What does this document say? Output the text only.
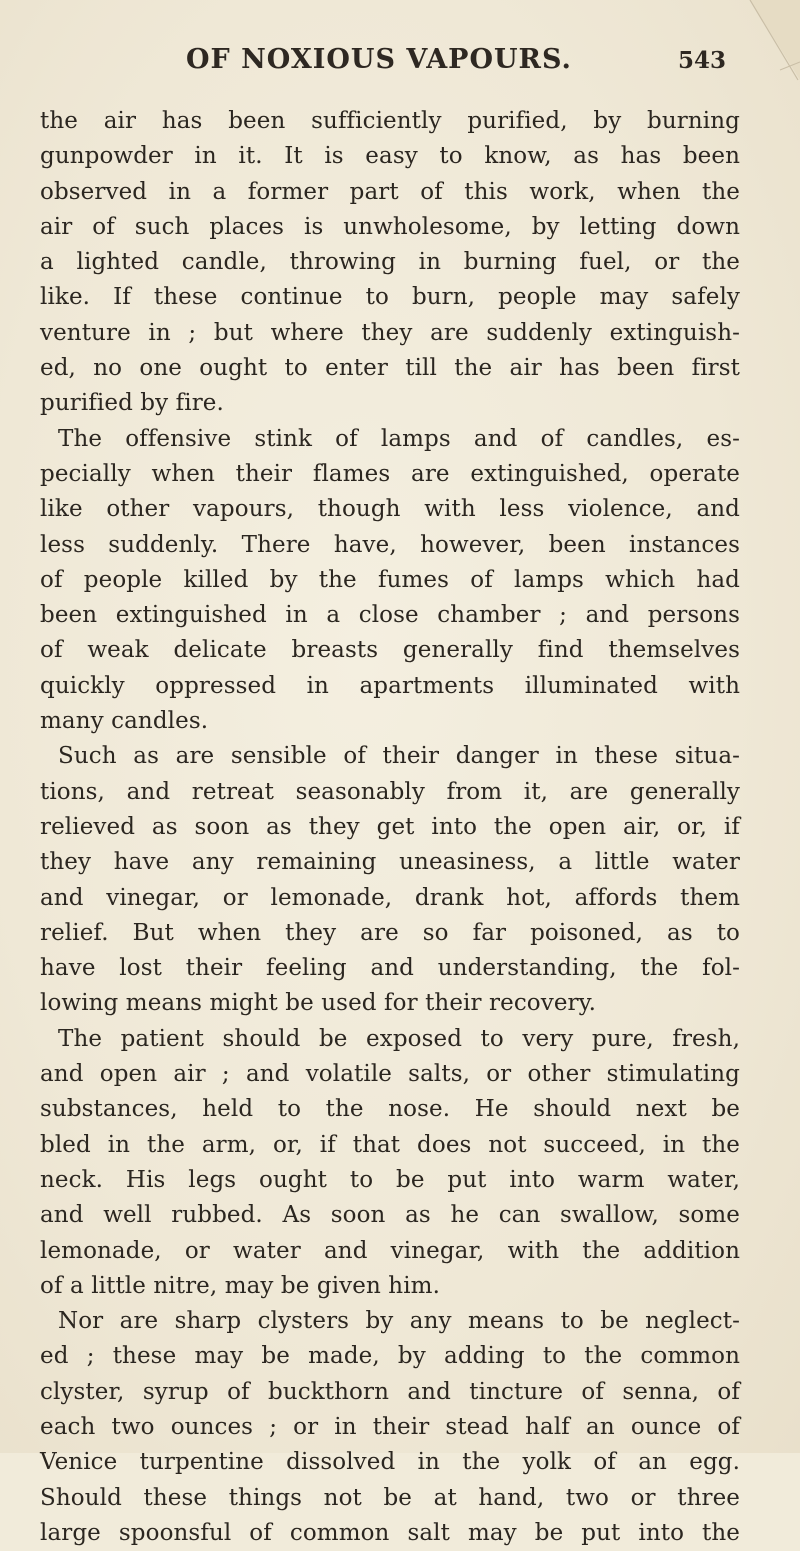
OF NOXIOUS VAPOURS.	543
the air has been sufficiently purified, by burning
gunpowder in it. It is easy to know, as has been
observed in a former part of this work, when the
air of such places is unwholesome, by letting down
a lighted candle, throwing in burning fuel, or the
like. If these continue to burn, people may safely
venture in ; but where they are suddenly extinguish-
ed, no one ought to enter till the air has been first
purified by fire.
The offensive stink of lamps and of candles, es-
pecially when their flames are extinguished, operate
like other vapours, though with less violence, and
less suddenly. There have, however, been instances
of people killed by the fumes of lamps which had
been extinguished in a close chamber ; and persons
of weak delicate breasts generally find themselves
quickly oppressed in apartments illuminated with
many candles.
Such as are sensible of their danger in these situa-
tions, and retreat seasonably from it, are generally
relieved as soon as they get into the open air, or, if
they have any remaining uneasiness, a little water
and vinegar, or lemonade, drank hot, affords them
relief. But when they are so far poisoned, as to
have lost their feeling and understanding, the fol-
lowing means might be used for their recovery.
The patient should be exposed to very pure, fresh,
and open air ; and volatile salts, or other stimulating
substances, held to the nose. He should next be
bled in the arm, or, if that does not succeed, in the
neck. His legs ought to be put into warm water,
and well rubbed. As soon as he can swallow, some
lemonade, or water and vinegar, with the addition
of a little nitre, may be given him.
Nor are sharp clysters by any means to be neglect-
ed ; these may be made, by adding to the common
clyster, syrup of buckthorn and tincture of senna, of
each two ounces ; or in their stead half an ounce of
Venice turpentine dissolved in the yolk of an egg.
Should these things not be at hand, two or three
large spoonsful of common salt may be put into the
